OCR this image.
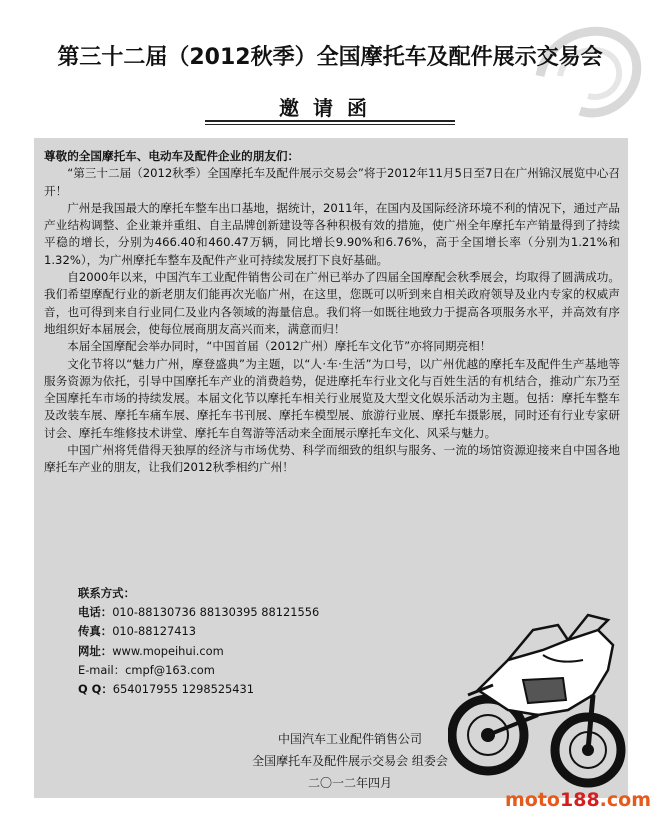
第三十二届（2012秋季）全国摩托车及配件展示交易会
邀请函

尊敬的全国摩托车、电动车及配件企业的朋友们：

“第三十二届（2012秋季）全国摩托车及配件展示交易会”将于2012年11月5日至7日在广州锦汉展览中心召开！

广州是我国最大的摩托车整车出口基地，据统计，2011年，在国内及国际经济环境不利的情况下，通过产品产业结构调整、企业兼并重组、自主品牌创新建设等各种积极有效的措施，使广州全年摩托车产销量得到了持续平稳的增长，分别为466.40和460.47万辆，同比增长9.90%和6.76%，高于全国增长率（分别为1.21%和1.32%），为广州摩托车整车及配件产业可持续发展打下良好基础。

自2000年以来，中国汽车工业配件销售公司在广州已举办了四届全国摩配会秋季展会，均取得了圆满成功。我们希望摩配行业的新老朋友们能再次光临广州，在这里，您既可以听到来自相关政府领导及业内专家的权威声音，也可得到来自行业同仁及业内各领域的海量信息。我们将一如既往地致力于提高各项服务水平，并高效有序地组织好本届展会，使每位展商朋友高兴而来，满意而归！

本届全国摩配会举办同时，“中国首届（2012广州）摩托车文化节”亦将同期亮相！

文化节将以“魅力广州，摩登盛典”为主题，以“人·车·生活”为口号，以广州优越的摩托车及配件生产基地等服务资源为依托，引导中国摩托车产业的消费趋势，促进摩托车行业文化与百姓生活的有机结合，推动广东乃至全国摩托车市场的持续发展。本届文化节以摩托车相关行业展览及大型文化娱乐活动为主题。包括：摩托车整车及改装车展、摩托车痛车展、摩托车书刊展、摩托车模型展、旅游行业展、摩托车摄影展，同时还有行业专家研讨会、摩托车维修技术讲堂、摩托车自驾游等活动来全面展示摩托车文化、风采与魅力。

中国广州将凭借得天独厚的经济与市场优势、科学而细致的组织与服务、一流的场馆资源迎接来自中国各地摩托车产业的朋友，让我们2012秋季相约广州！

联系方式：
电话：010-88130736 88130395 88121556
传真：010-88127413
网址：www.mopeihui.com
E-mail：cmpf@163.com
Q Q：654017955 1298525431
中国汽车工业配件销售公司
全国摩托车及配件展示交易会 组委会
二〇一二年四月
moto188.com
